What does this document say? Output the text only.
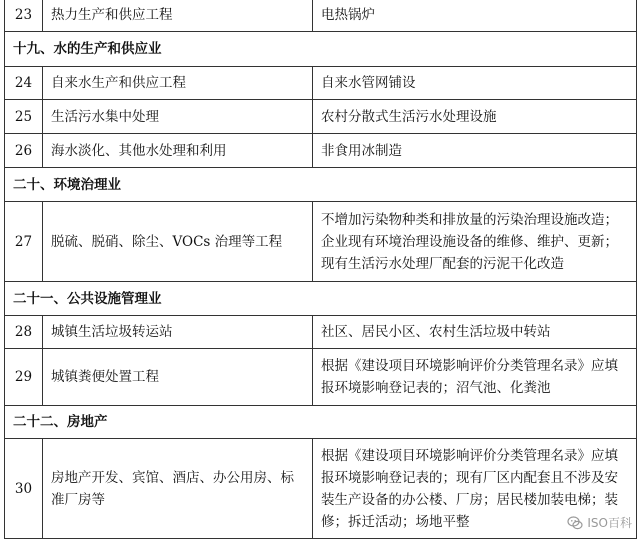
23	热力生产和供应工程	电热锅炉
十九、水的生产和供应业		
24	自来水生产和供应工程	自来水管网铺设
25	生活污水集中处理	农村分散式生活污水处理设施
26	海水淡化、其他水处理和利用	非食用冰制造
二十、环境治理业		
27	脱硫、脱硝、除尘、VOCs 治理等工程	不增加污染物种类和排放量的污染治理设施改造；企业现有环境治理设施设备的维修、维护、更新；现有生活污水处理厂配套的污泥干化改造
二十一、公共设施管理业		
28	城镇生活垃圾转运站	社区、居民小区、农村生活垃圾中转站
29	城镇粪便处置工程	根据《建设项目环境影响评价分类管理名录》应填报环境影响登记表的；沼气池、化粪池
二十二、房地产		
30	房地产开发、宾馆、酒店、办公用房、标准厂房等	根据《建设项目环境影响评价分类管理名录》应填报环境影响登记表的；现有厂区内配套且不涉及安装生产设备的办公楼、厂房；居民楼加装电梯；装修；拆迁活动；场地平整	ISO百科
